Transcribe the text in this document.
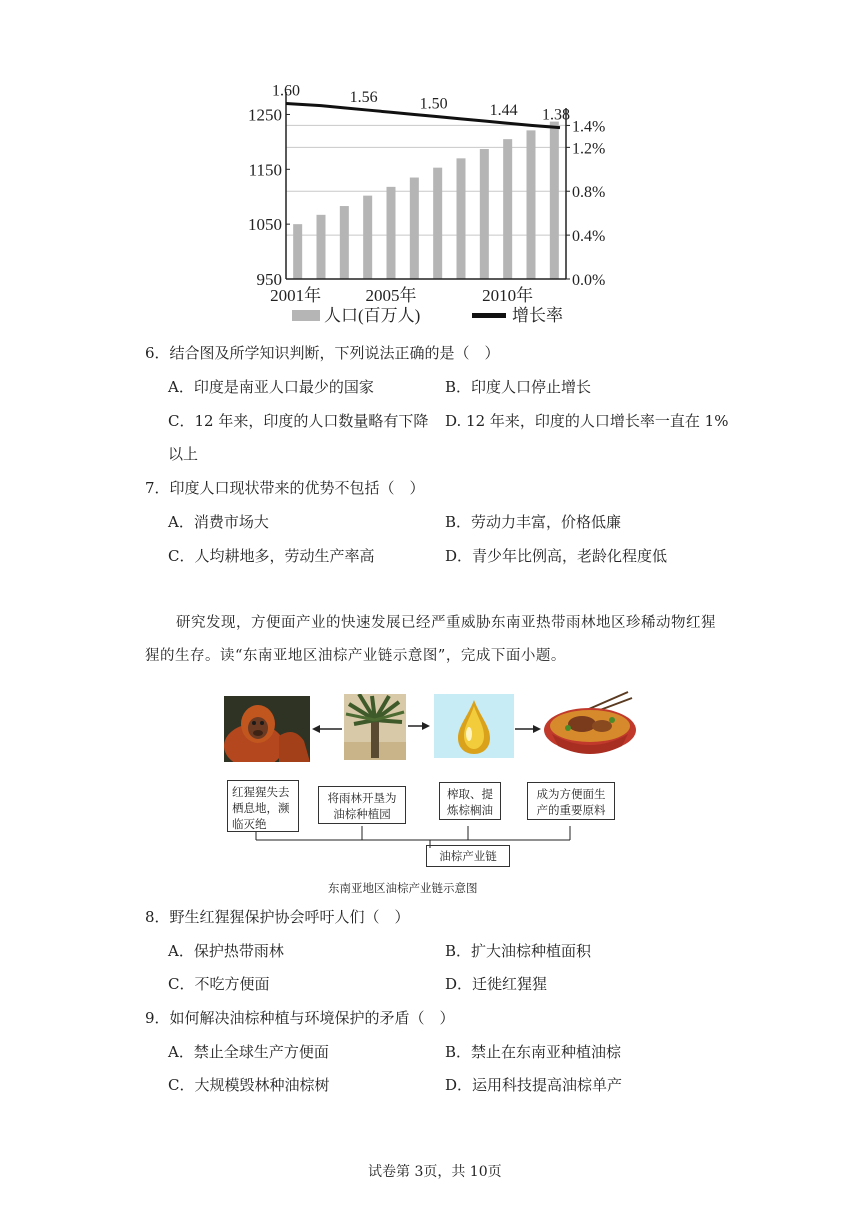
950
1050
1150
1250
0.0%
0.4%
0.8%
1.2%
1.4%
2001年	2005年	2010年
1.60	1.56	1.50	1.44 1.38
人口(百万人)	增长率
6．结合图及所学知识判断，下列说法正确的是（　）
A．印度是南亚人口最少的国家	B．印度人口停止增长
C．12 年来，印度的人口数量略有下降 D. 12 年来，印度的人口增长率一直在 1%
以上
7．印度人口现状带来的优势不包括（　）
A．消费市场大	B．劳动力丰富，价格低廉
C．人均耕地多，劳动生产率高	D．青少年比例高，老龄化程度低
研究发现，方便面产业的快速发展已经严重威胁东南亚热带雨林地区珍稀动物红猩
猩的生存。读“东南亚地区油棕产业链示意图”，完成下面小题。
红猩猩失去栖息地，濒临灭绝
将雨林开垦为油棕种植园
榨取、提炼棕榈油
成为方便面生产的重要原料
油棕产业链
东南亚地区油棕产业链示意图
8．野生红猩猩保护协会呼吁人们（　）
A．保护热带雨林	B．扩大油棕种植面积
C．不吃方便面	D．迁徙红猩猩
9．如何解决油棕种植与环境保护的矛盾（　）
A．禁止全球生产方便面	B．禁止在东南亚种植油棕
C．大规模毁林种油棕树	D．运用科技提高油棕单产
试卷第 3页，共 10页
